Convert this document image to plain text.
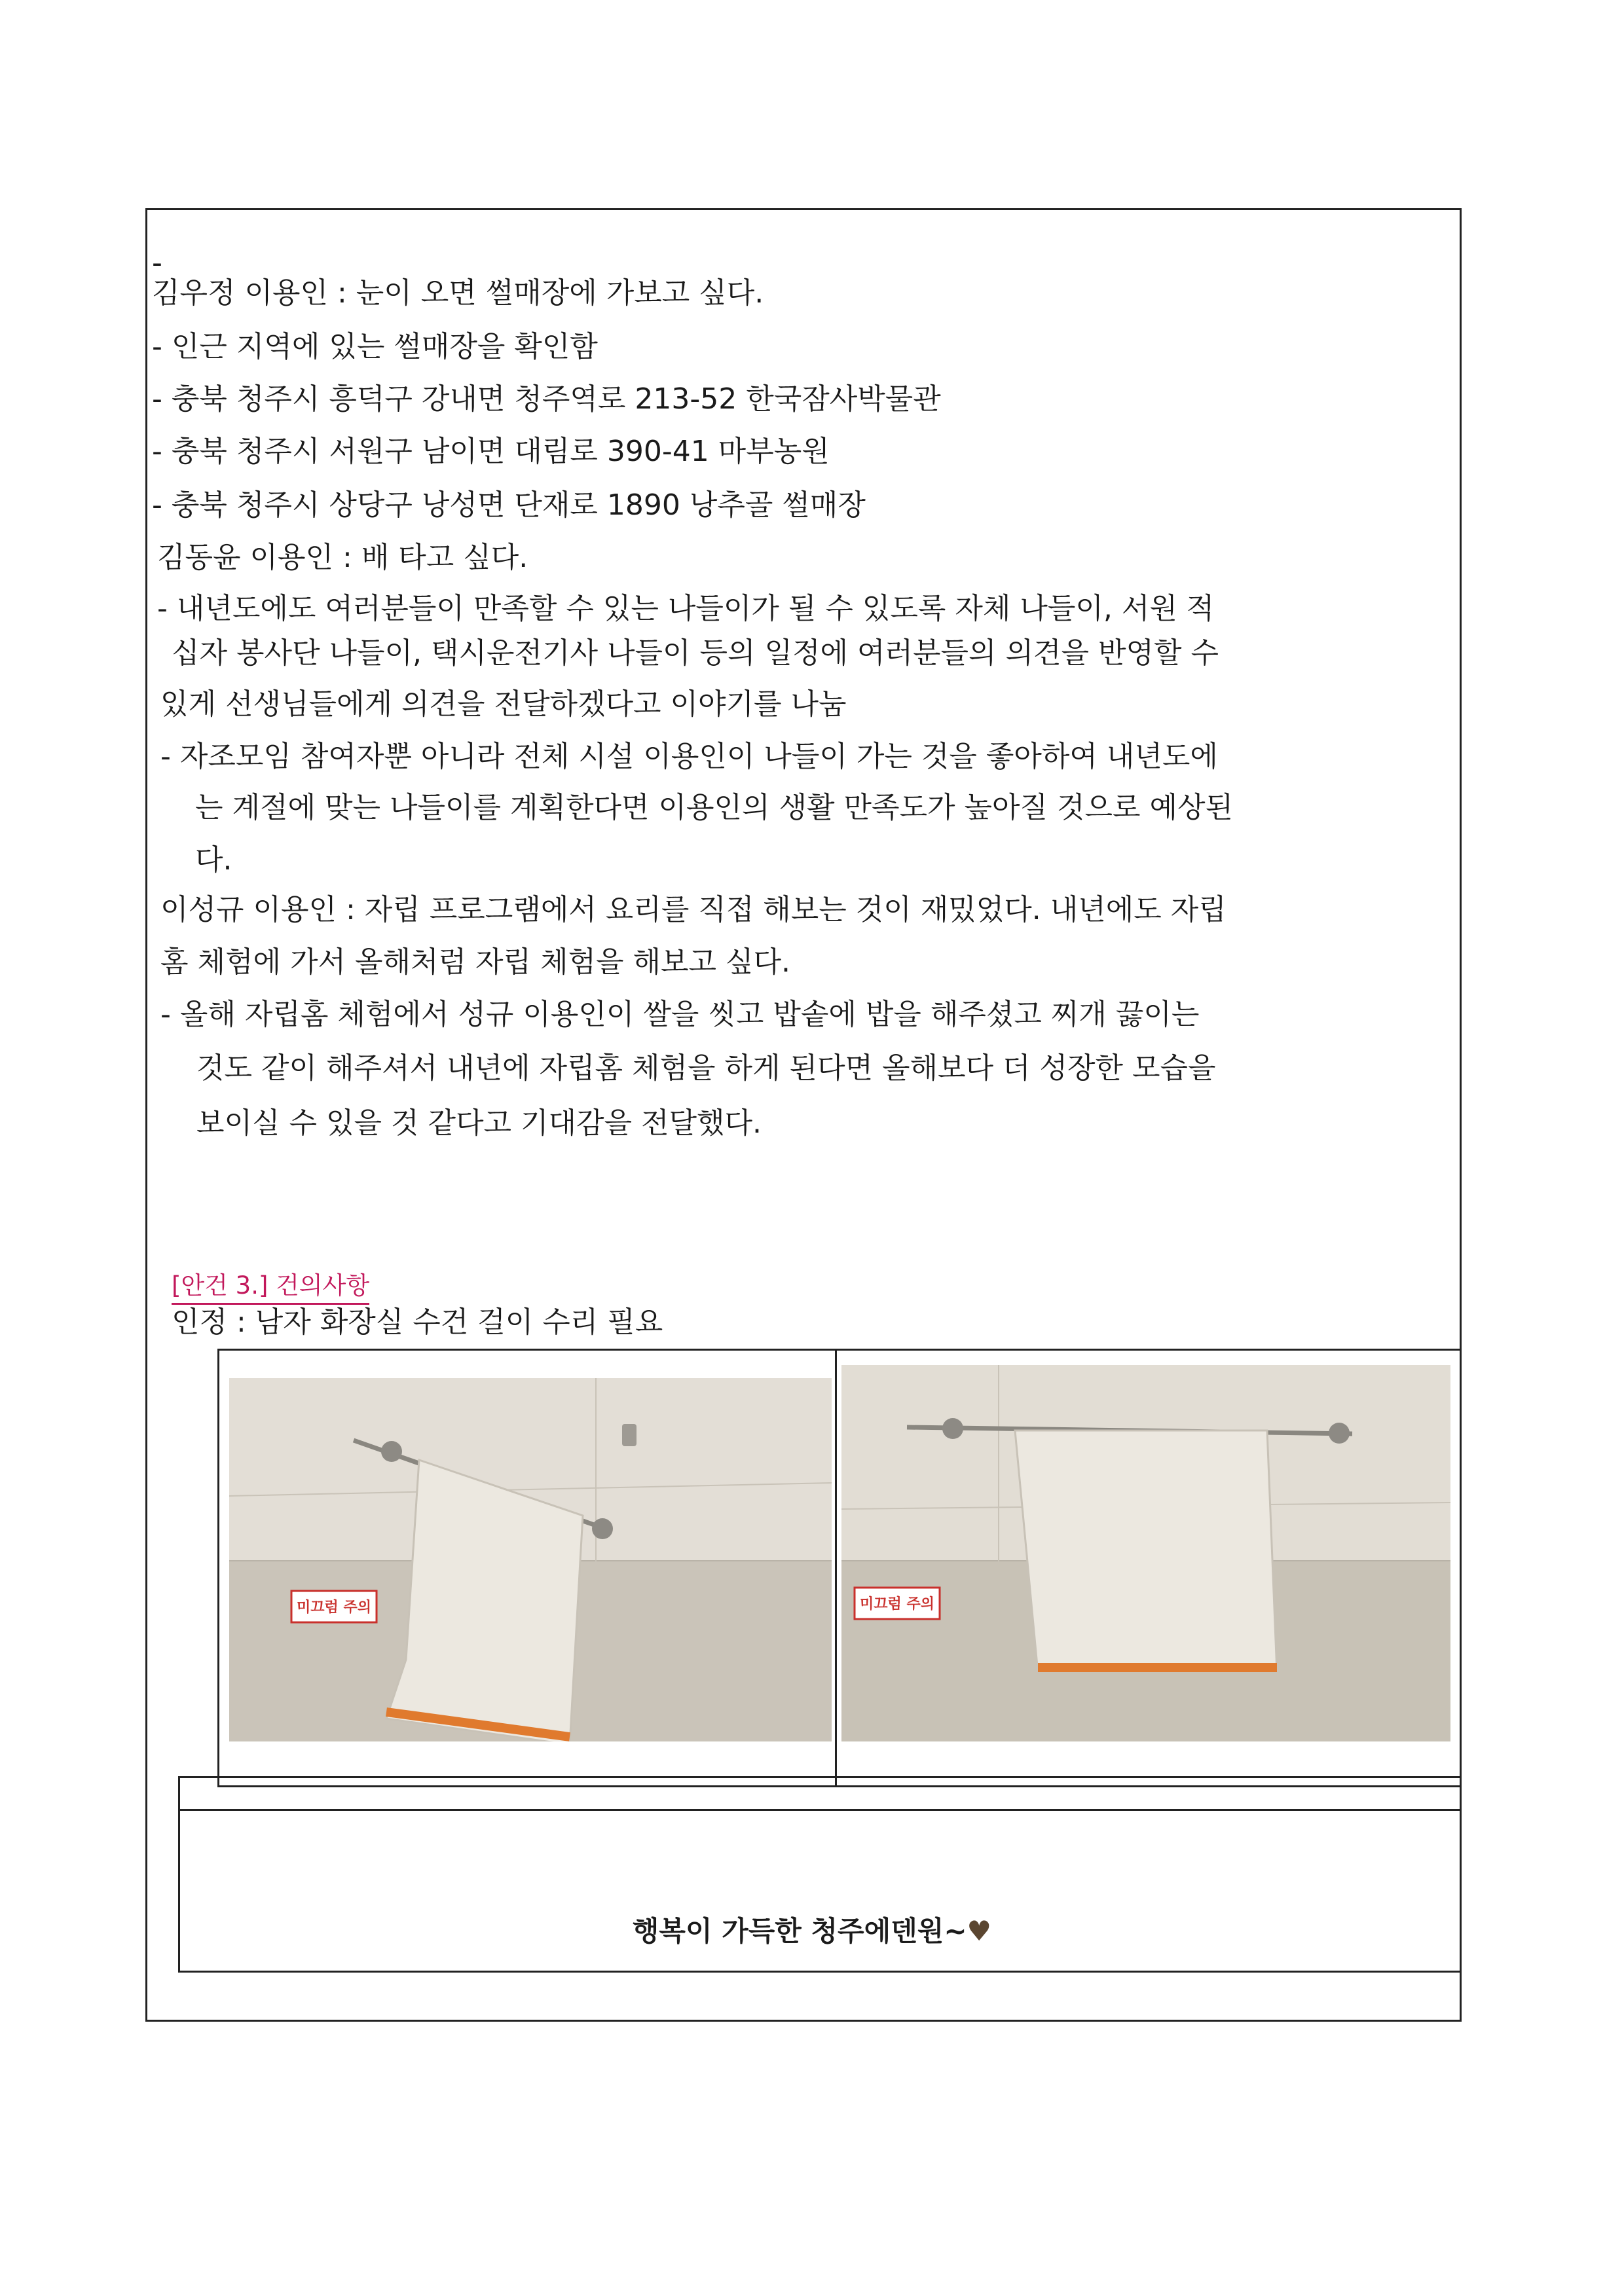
-
김우정 이용인 : 눈이 오면 썰매장에 가보고 싶다.
- 인근 지역에 있는 썰매장을 확인함
- 충북 청주시 흥덕구 강내면 청주역로 213-52 한국잠사박물관
- 충북 청주시 서원구 남이면 대림로 390-41 마부농원
- 충북 청주시 상당구 낭성면 단재로 1890 낭추골 썰매장
김동윤 이용인 : 배 타고 싶다.
- 내년도에도 여러분들이 만족할 수 있는 나들이가 될 수 있도록 자체 나들이, 서원 적
십자 봉사단 나들이, 택시운전기사 나들이 등의 일정에 여러분들의 의견을 반영할 수
있게 선생님들에게 의견을 전달하겠다고 이야기를 나눔
- 자조모임 참여자뿐 아니라 전체 시설 이용인이 나들이 가는 것을 좋아하여 내년도에
는 계절에 맞는 나들이를 계획한다면 이용인의 생활 만족도가 높아질 것으로 예상된
다.
이성규 이용인 : 자립 프로그램에서 요리를 직접 해보는 것이 재밌었다. 내년에도 자립
홈 체험에 가서 올해처럼 자립 체험을 해보고 싶다.
- 올해 자립홈 체험에서 성규 이용인이 쌀을 씻고 밥솥에 밥을 해주셨고 찌개 끓이는
것도 같이 해주셔서 내년에 자립홈 체험을 하게 된다면 올해보다 더 성장한 모습을
보이실 수 있을 것 같다고 기대감을 전달했다.
[안건 3.] 건의사항
인정 : 남자 화장실 수건 걸이 수리 필요
미끄럼 주의	미끄럼 주의
행복이 가득한 청주에덴원~♥
